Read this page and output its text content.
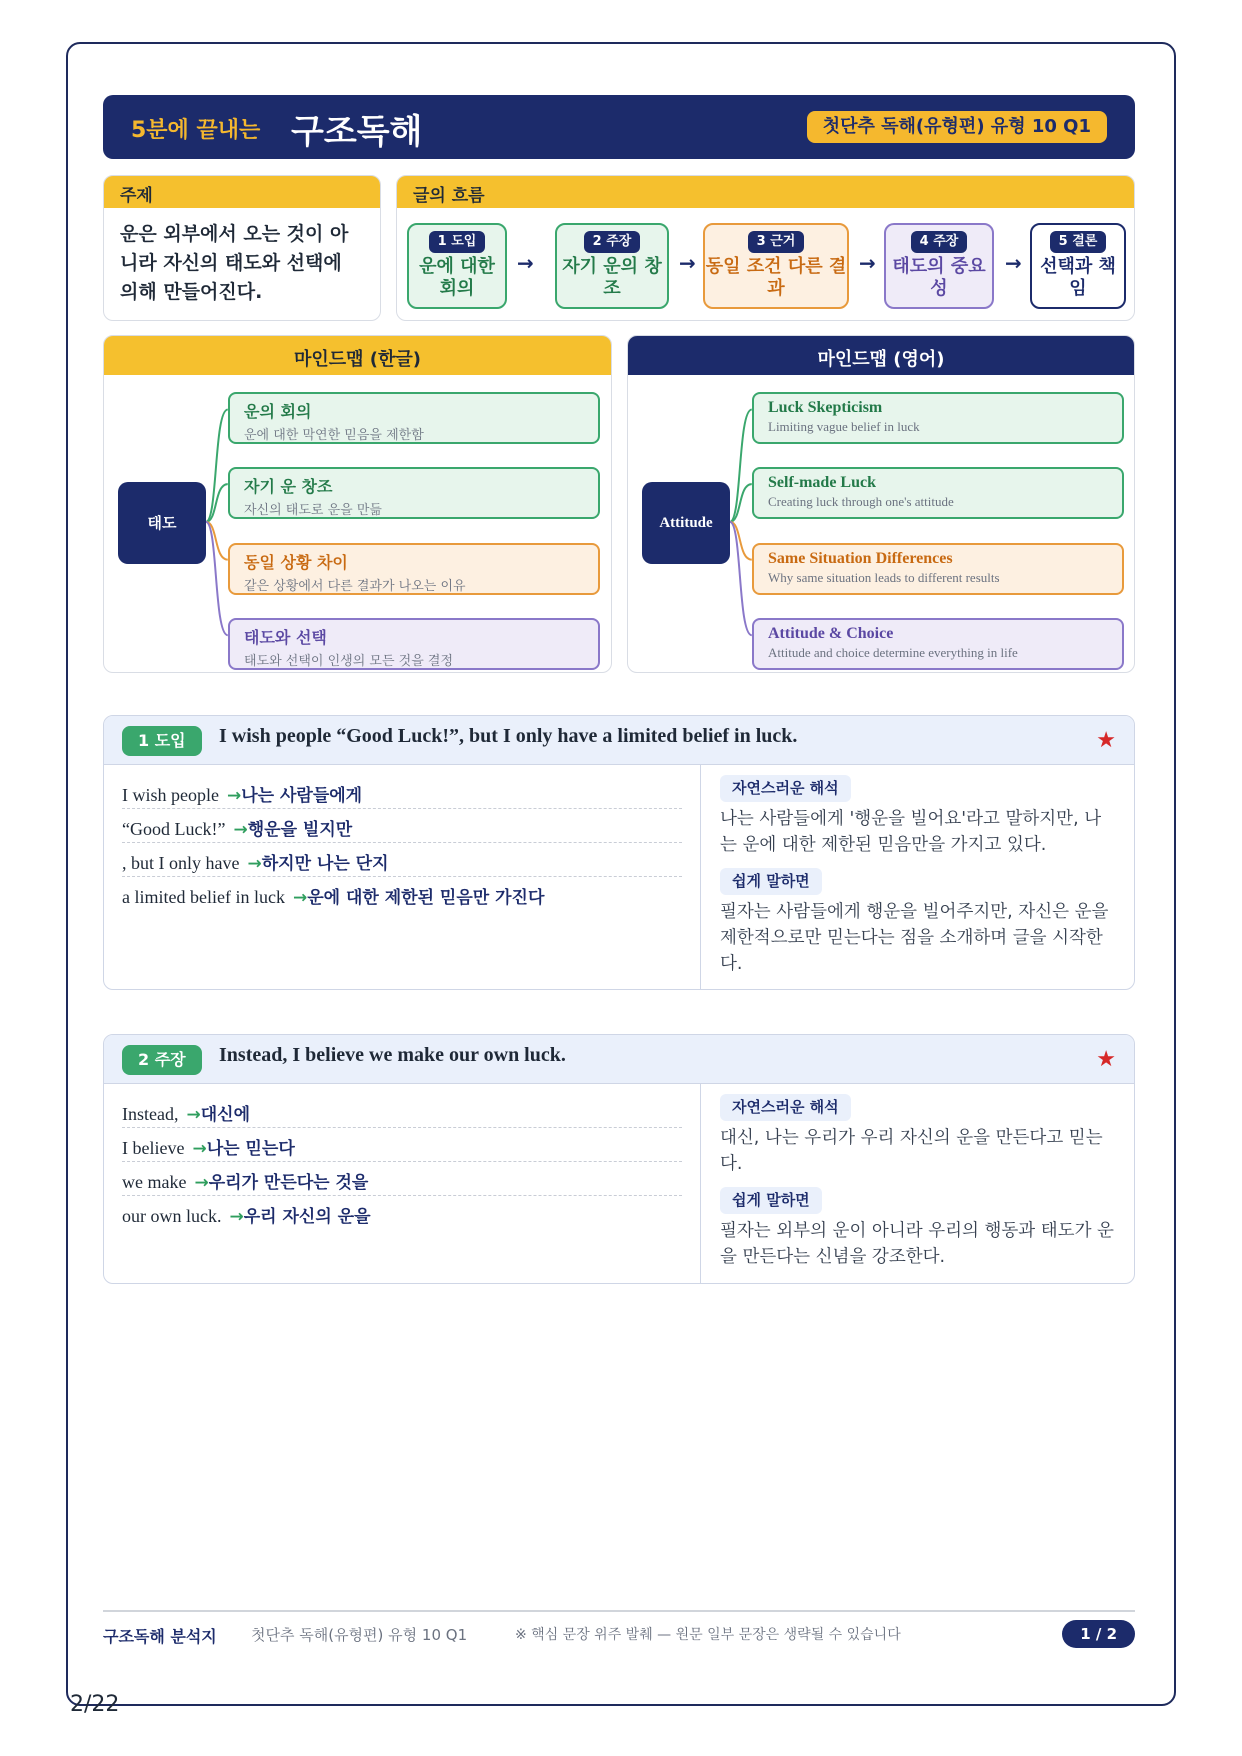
5분에 끝내는 구조독해	첫단추 독해(유형편) 유형 10 Q1
주제
운은 외부에서 오는 것이 아니라 자신의 태도와 선택에 의해 만들어진다.
글의 흐름
1 도입
운에 대한 회의
→
2 주장
자기 운의 창조
→
3 근거
동일 조건 다른 결과
→
4 주장
태도의 중요성
→
5 결론
선택과 책임
마인드맵 (한글)
태도
운의 회의
운에 대한 막연한 믿음을 제한함
자기 운 창조
자신의 태도로 운을 만듦
동일 상황 차이
같은 상황에서 다른 결과가 나오는 이유
태도와 선택
태도와 선택이 인생의 모든 것을 결정
마인드맵 (영어)
Attitude
Luck Skepticism
Limiting vague belief in luck
Self-made Luck
Creating luck through one's attitude
Same Situation Differences
Why same situation leads to different results
Attitude & Choice
Attitude and choice determine everything in life
1 도입	I wish people “Good Luck!”, but I only have a limited belief in luck.	★
I wish people →나는 사람들에게
“Good Luck!” →행운을 빌지만
, but I only have →하지만 나는 단지
a limited belief in luck →운에 대한 제한된 믿음만 가진다
자연스러운 해석
나는 사람들에게 '행운을 빌어요'라고 말하지만, 나는 운에 대한 제한된 믿음만을 가지고 있다.
쉽게 말하면
필자는 사람들에게 행운을 빌어주지만, 자신은 운을 제한적으로만 믿는다는 점을 소개하며 글을 시작한다.
2 주장	Instead, I believe we make our own luck.	★
Instead, →대신에
I believe →나는 믿는다
we make →우리가 만든다는 것을
our own luck. →우리 자신의 운을
자연스러운 해석
대신, 나는 우리가 우리 자신의 운을 만든다고 믿는다.
쉽게 말하면
필자는 외부의 운이 아니라 우리의 행동과 태도가 운을 만든다는 신념을 강조한다.
구조독해 분석지 첫단추 독해(유형편) 유형 10 Q1	※ 핵심 문장 위주 발췌 — 원문 일부 문장은 생략될 수 있습니다	1 / 2
2/22
